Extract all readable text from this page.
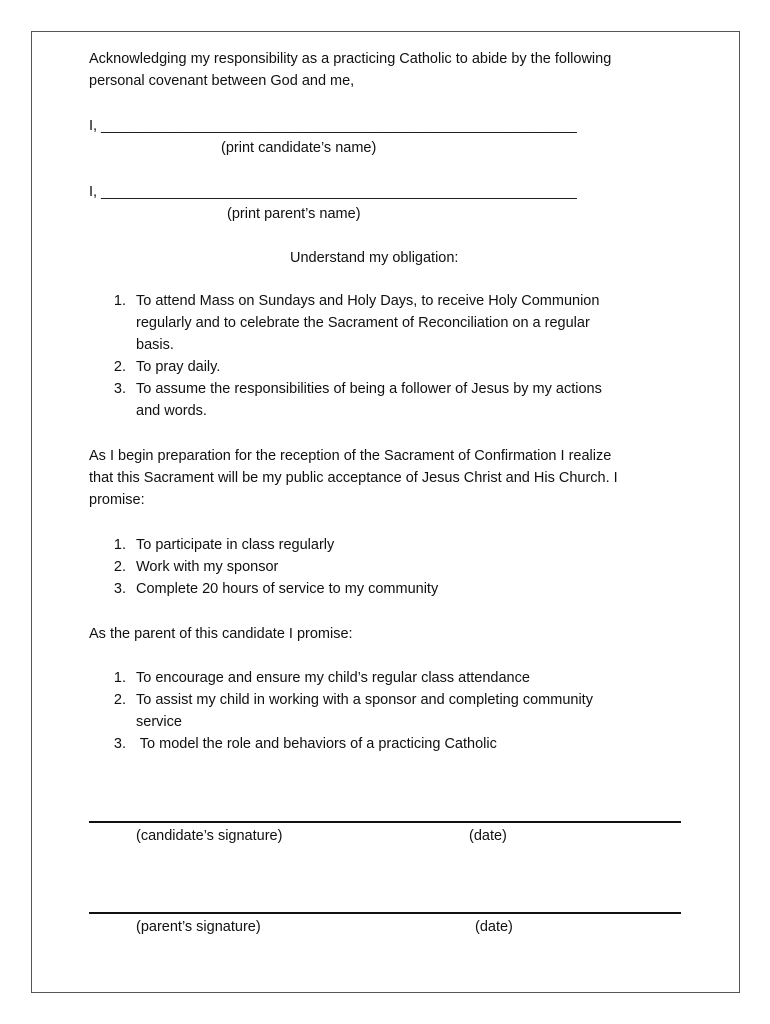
Acknowledging my responsibility as a practicing Catholic to abide by the following
personal covenant between God and me,
I, ___________________________________________________________
(print candidate’s name)
I, ___________________________________________________________
(print parent’s name)
Understand my obligation:
1. To attend Mass on Sundays and Holy Days, to receive Holy Communion
regularly and to celebrate the Sacrament of Reconciliation on a regular
basis.
2. To pray daily.
3. To assume the responsibilities of being a follower of Jesus by my actions
and words.
As I begin preparation for the reception of the Sacrament of Confirmation I realize
that this Sacrament will be my public acceptance of Jesus Christ and His Church. I
promise:
1. To participate in class regularly
2. Work with my sponsor
3. Complete 20 hours of service to my community
As the parent of this candidate I promise:
1. To encourage and ensure my child’s regular class attendance
2. To assist my child in working with a sponsor and completing community
service
3. To model the role and behaviors of a practicing Catholic
(candidate’s signature)	(date)
(parent’s signature)	(date)
